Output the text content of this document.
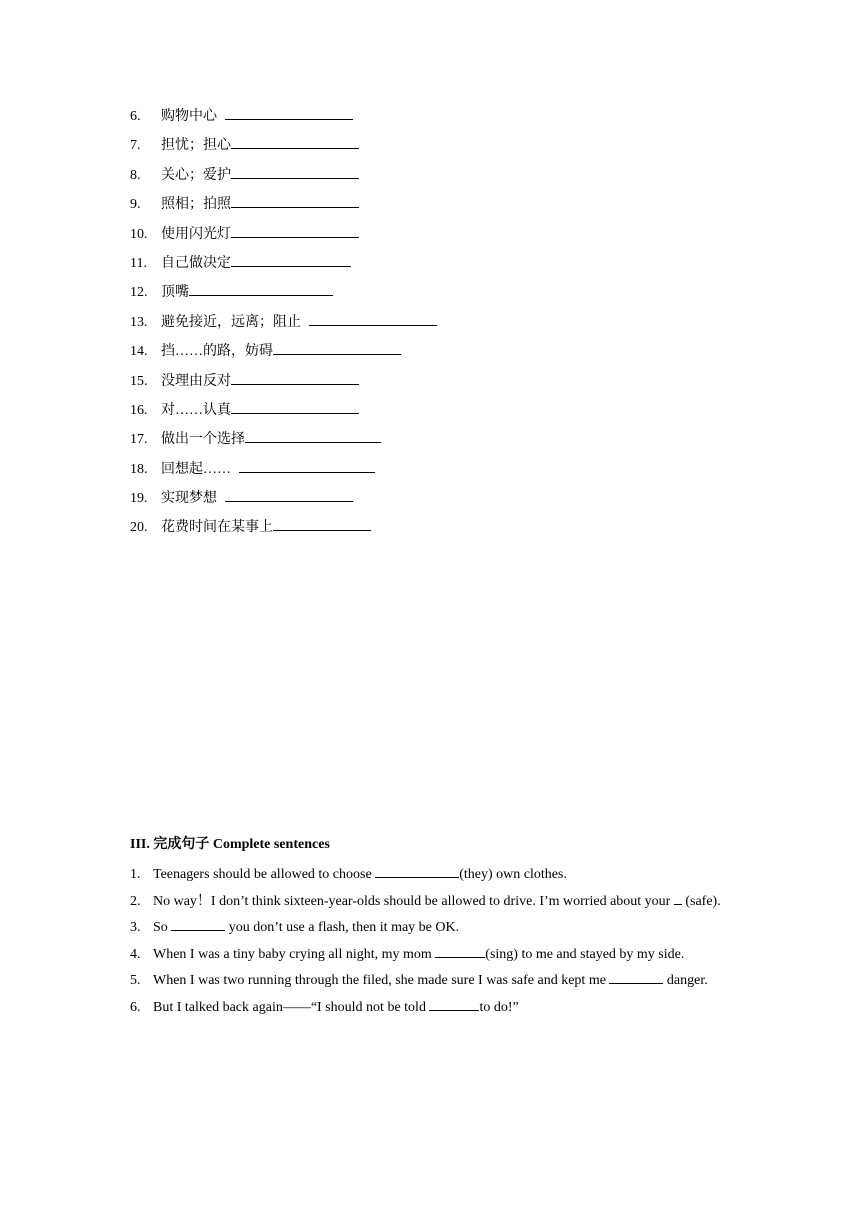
6. 购物中心
7. 担忧；担心
8. 关心；爱护
9. 照相；拍照
10. 使用闪光灯
11. 自己做决定
12. 顶嘴
13. 避免接近，远离；阻止
14. 挡……的路，妨碍
15. 没理由反对
16. 对……认真
17. 做出一个选择
18. 回想起……
19. 实现梦想
20. 花费时间在某事上
III. 完成句子 Complete sentences
1. Teenagers should be allowed to choose	(they) own clothes.
2. No way！I don’t think sixteen-year-olds should be allowed to drive. I’m worried about your  (safe).
3. So	you don’t use a flash, then it may be OK.
4. When I was a tiny baby crying all night, my mom	(sing) to me and stayed by my side.
5. When I was two running through the filed, she made sure I was safe and kept me	danger.
6. But I talked back again——“I should not be told	to do!”
